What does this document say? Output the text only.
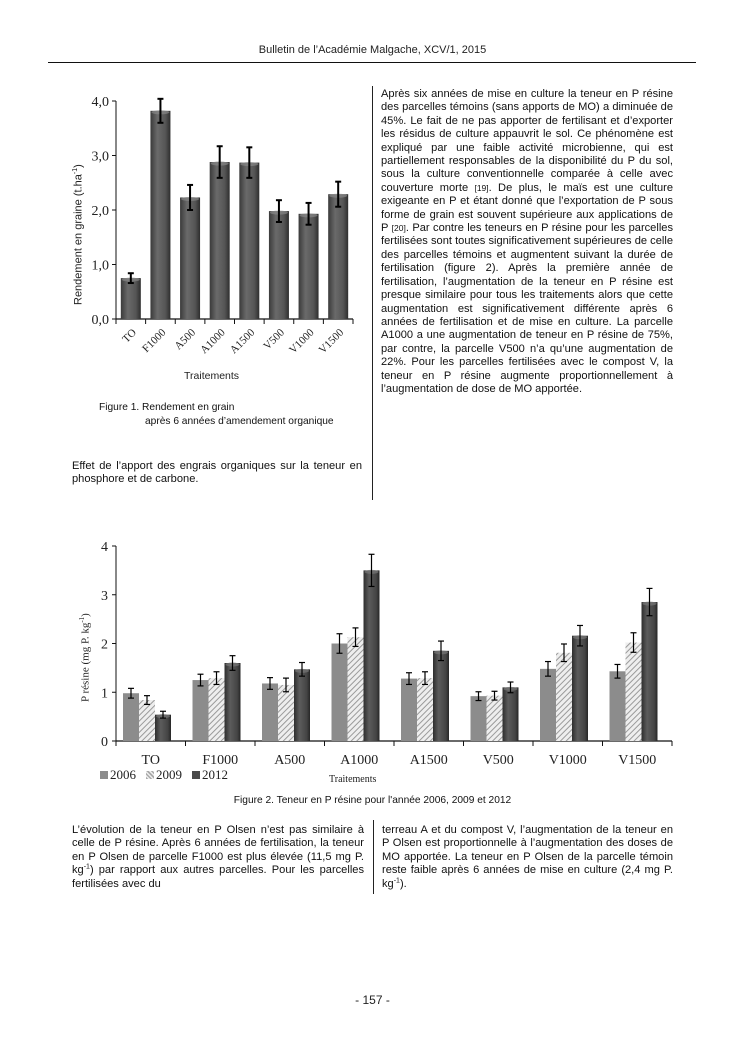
Bulletin de l’Académie Malgache, XCV/1, 2015
0,0
1,0
2,0
3,0
4,0
TO F1000 A500 A1000 A1500 V500 V1000 V1500
Rendement en graine $(t.ha^{-1})$
Traitements
Figure 1. Rendement en grain
après 6 années d’amendement organique
Effet de l’apport des engrais organiques sur la teneur en phosphore et de carbone.
Après six années de mise en culture la teneur en P résine des parcelles témoins (sans apports de MO) a diminuée de 45%. Le fait de ne pas apporter de fertilisant et d’exporter les résidus de culture appauvrit le sol. Ce phénomène est expliqué par une faible activité microbienne, qui est partiellement responsables de la disponibilité du P du sol, sous la culture conventionnelle comparée à celle avec couverture morte [19]. De plus, le maïs est une culture exigeante en P et étant donné que l’exportation de P sous forme de grain est souvent supérieure aux applications de P [20]. Par contre les teneurs en P résine pour les parcelles fertilisées sont toutes significativement supérieures de celle des parcelles témoins et augmentent suivant la durée de fertilisation (figure 2). Après la première année de fertilisation, l’augmentation de la teneur en P résine est presque similaire pour tous les traitements alors que cette augmentation est significativement différente après 6 années de fertilisation et de mise en culture. La parcelle A1000 a une augmentation de teneur en P résine de 75%, par contre, la parcelle V500 n’a qu’une augmentation de 22%. Pour les parcelles fertilisées avec le compost V, la teneur en P résine augmente proportionnellement à l’augmentation de dose de MO apportée.
0
1
2
3
4
TO	F1000	A500 A1000 A1500 V500 V1000 V1500
P résine (mg P. $kg^{-1}$)
Traitements
2006 2009 2012
Figure 2. Teneur en P résine pour l'année 2006, 2009 et 2012
L’évolution de la teneur en P Olsen n’est pas similaire à celle de P résine. Après 6 années de fertilisation, la teneur en P Olsen de parcelle F1000 est plus élevée (11,5 mg P. $kg^{-1}$) par rapport aux autres parcelles. Pour les parcelles fertilisées avec du
terreau A et du compost V, l’augmentation de la teneur en P Olsen est proportionnelle à l’augmentation des doses de MO apportée. La teneur en P Olsen de la parcelle témoin reste faible après 6 années de mise en culture (2,4 mg P. $kg^{-1}$).
- 157 -
